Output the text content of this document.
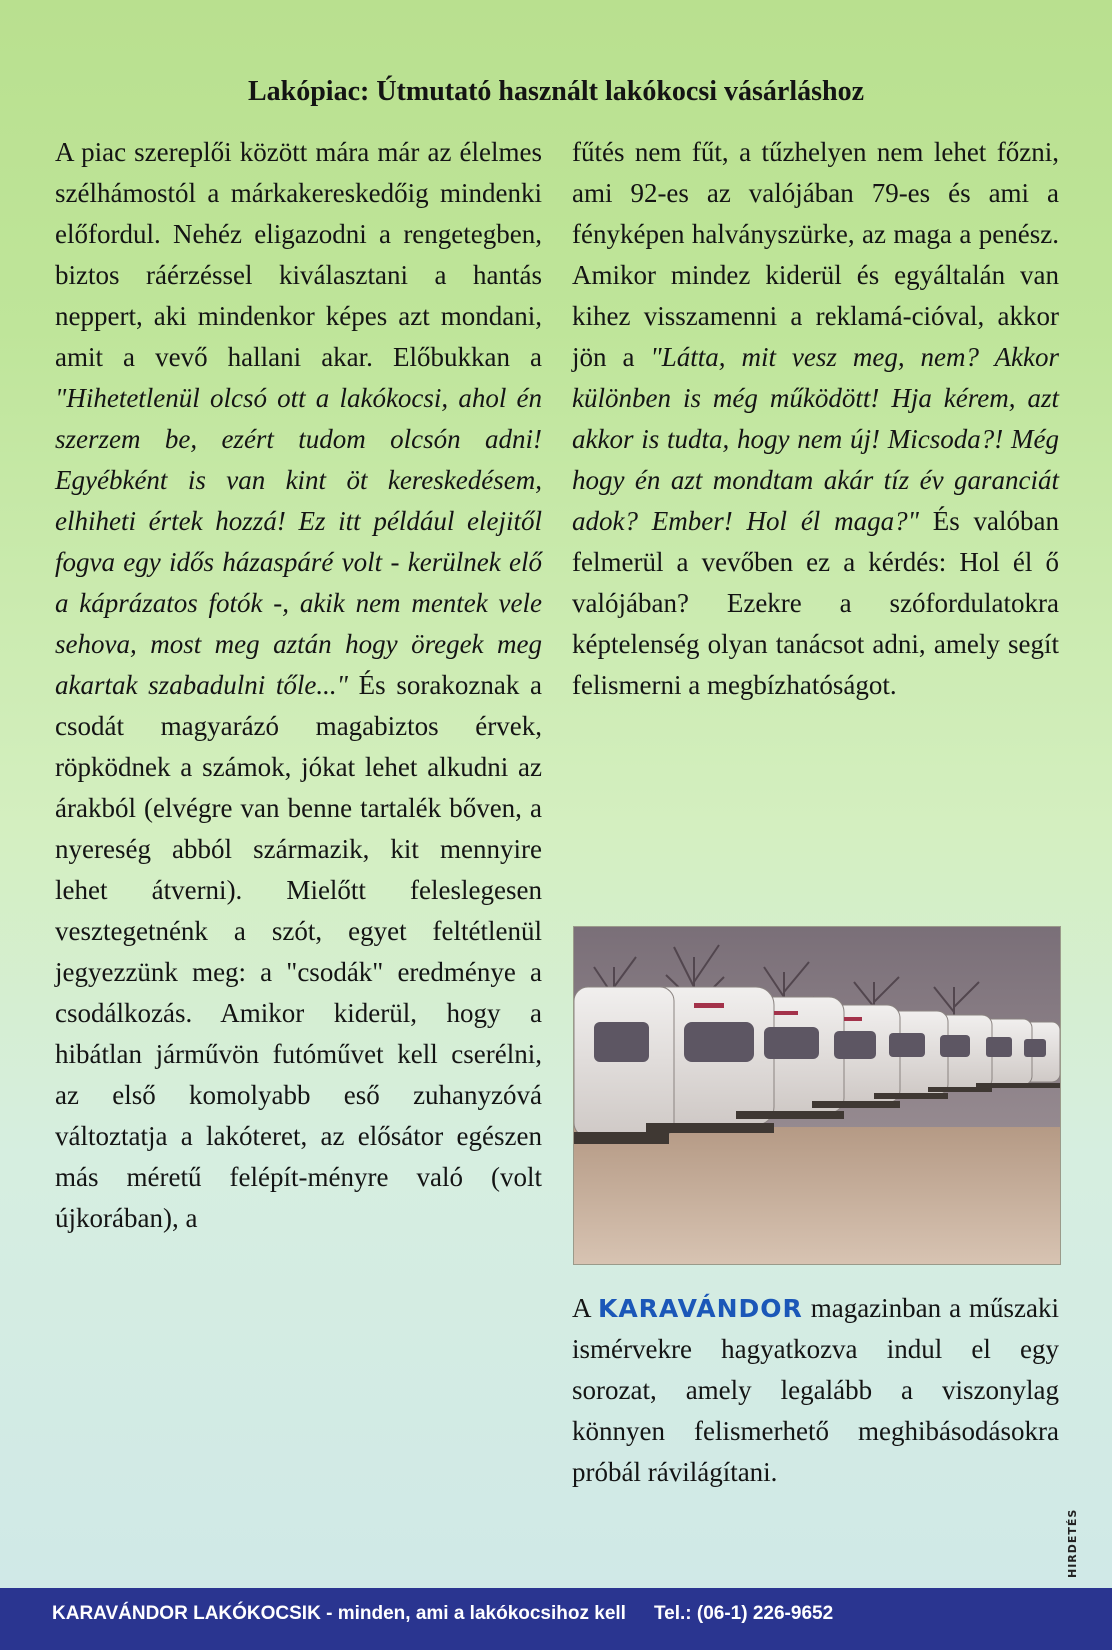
Lakópiac: Útmutató használt lakókocsi vásárláshoz

A piac szereplői között mára már az élelmes szélhámostól a márkakereskedőig mindenki előfordul. Nehéz eligazodni a rengetegben, biztos ráérzéssel kiválasztani a hantás neppert, aki mindenkor képes azt mondani, amit a vevő hallani akar. Előbukkan a "Hihetetlenül olcsó ott a lakókocsi, ahol én szerzem be, ezért tudom olcsón adni! Egyébként is van kint öt kereskedésem, elhiheti értek hozzá! Ez itt például elejitől fogva egy idős házaspáré volt - kerülnek elő a káprázatos fotók -, akik nem mentek vele sehova, most meg aztán hogy öregek meg akartak szabadulni tőle..." És sorakoznak a csodát magyarázó magabiztos érvek, röpködnek a számok, jókat lehet alkudni az árakból (elvégre van benne tartalék bőven, a nyereség abból származik, kit mennyire lehet átverni). Mielőtt feleslegesen vesztegetnénk a szót, egyet feltétlenül jegyezzünk meg: a "csodák" eredménye a csodálkozás. Amikor kiderül, hogy a hibátlan járművön futóművet kell cserélni, az első komolyabb eső zuhanyzóvá változtatja a lakóteret, az elősátor egészen más méretű felépít-ményre való (volt újkorában), a

fűtés nem fűt, a tűzhelyen nem lehet főzni, ami 92-es az valójában 79-es és ami a fényképen halványszürke, az maga a penész. Amikor mindez kiderül és egyáltalán van kihez visszamenni a reklamá-cióval, akkor jön a "Látta, mit vesz meg, nem? Akkor különben is még működött! Hja kérem, azt akkor is tudta, hogy nem új! Micsoda?! Még hogy én azt mondtam akár tíz év garanciát adok? Ember! Hol él maga?" És valóban felmerül a vevőben ez a kérdés: Hol él ő valójában? Ezekre a szófordulatokra képtelenség olyan tanácsot adni, amely segít felismerni a megbízhatóságot.

A KARAVÁNDOR magazinban a műszaki ismérvekre hagyatkozva indul el egy sorozat, amely legalább a viszonylag könnyen felismerhető meghibásodásokra próbál rávilágítani.
HIRDETÉS
KARAVÁNDOR LAKÓKOCSIK - minden, ami a lakókocsihoz kell Tel.: (06-1) 226-9652
